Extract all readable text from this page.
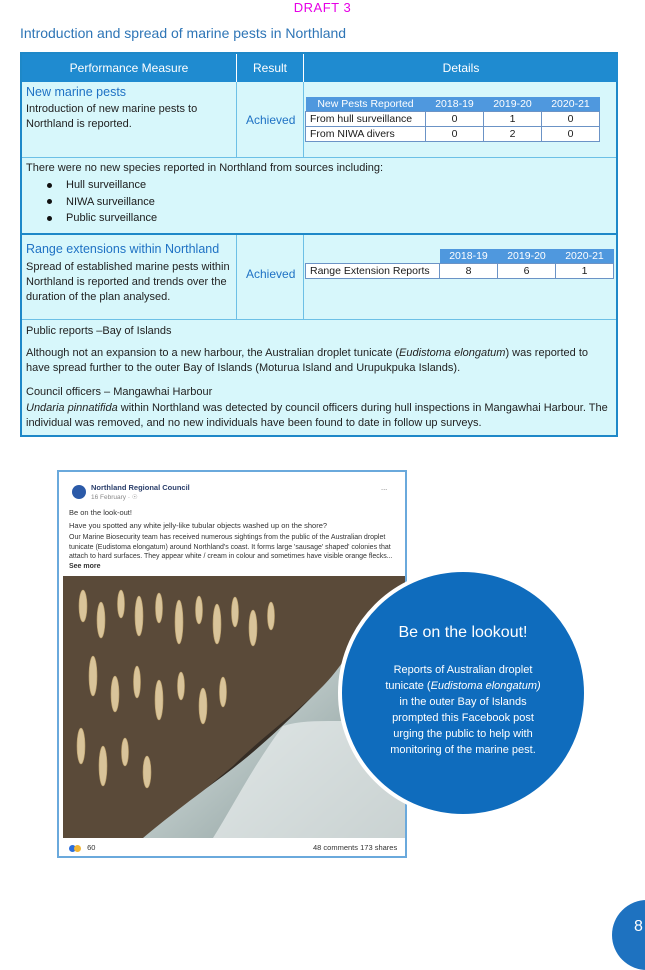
DRAFT 3
Introduction and spread of marine pests in Northland
Performance Measure	Result	Details
New marine pests
Introduction of new marine pests to Northland is reported.	Achieved
New Pests Reported	2018-19	2019-20	2020-21
From hull surveillance	0	1	0
From NIWA divers	0	2	0
There were no new species reported in Northland from sources including:
Hull surveillance
NIWA surveillance
Public surveillance
Range extensions within Northland
Spread of established marine pests within Northland is reported and trends over the duration of the plan analysed.
Achieved
	2018-19	2019-20	2020-21
Range Extension Reports	8	6	1
Public reports –Bay of Islands
Although not an expansion to a new harbour, the Australian droplet tunicate (Eudistoma elongatum) was reported to have spread further to the outer Bay of Islands (Moturua Island and Urupukpuka Islands).
Council officers – Mangawhai Harbour
Undaria pinnatifida within Northland was detected by council officers during hull inspections in Mangawhai Harbour. The individual was removed, and no new individuals have been found to date in follow up surveys.
Northland Regional Council
16 February · ☉
...
Be on the look-out!
Have you spotted any white jelly-like tubular objects washed up on the shore?
Our Marine Biosecurity team has received numerous sightings from the public of the Australian droplet tunicate (Eudistoma elongatum) around Northland's coast. It forms large 'sausage' shaped' colonies that attach to hard surfaces. They appear white / cream in colour and sometimes have visible orange flecks... See more
60	48 comments 173 shares
Be on the lookout!
Reports of Australian droplet tunicate (Eudistoma elongatum) in the outer Bay of Islands prompted this Facebook post urging the public to help with monitoring of the marine pest.
8
